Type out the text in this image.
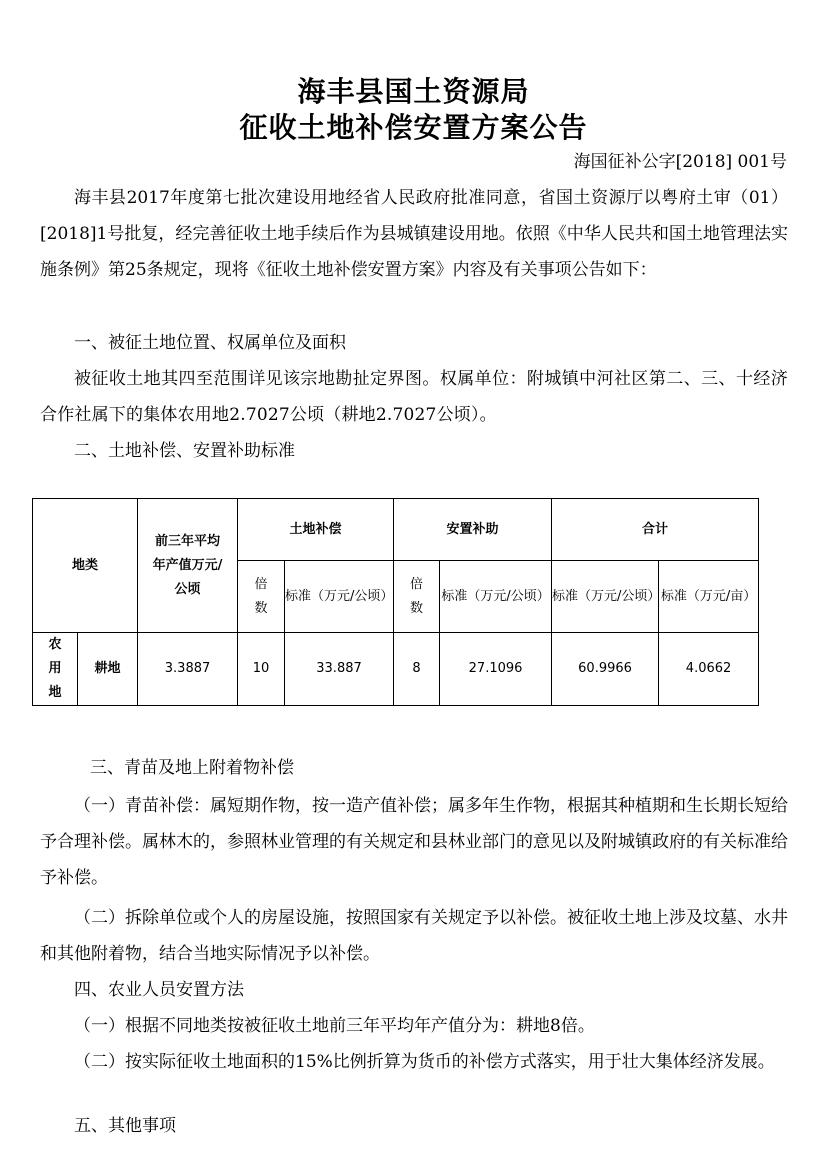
海丰县国土资源局
征收土地补偿安置方案公告
海国征补公字[2018] 001号
海丰县2017年度第七批次建设用地经省人民政府批准同意，省国土资源厅以粤府土审（01）[2018]1号批复，经完善征收土地手续后作为县城镇建设用地。依照《中华人民共和国土地管理法实施条例》第25条规定，现将《征收土地补偿安置方案》内容及有关事项公告如下：
一、被征土地位置、权属单位及面积
被征收土地其四至范围详见该宗地勘扯定界图。权属单位：附城镇中河社区第二、三、十经济合作社属下的集体农用地2.7027公顷（耕地2.7027公顷）。
二、土地补偿、安置补助标准
地类		前三年平均年产值万元/公顷	土地补偿		安置补助		合计	
			倍数	标准（万元/公顷）	倍数	标准（万元/公顷）	标准（万元/公顷）	标准（万元/亩）
农用地	耕地	3.3887	10	33.887	8	27.1096	60.9966	4.0662
三、青苗及地上附着物补偿
（一）青苗补偿：属短期作物，按一造产值补偿；属多年生作物，根据其种植期和生长期长短给予合理补偿。属林木的，参照林业管理的有关规定和县林业部门的意见以及附城镇政府的有关标准给予补偿。
（二）拆除单位或个人的房屋设施，按照国家有关规定予以补偿。被征收土地上涉及坟墓、水井和其他附着物，结合当地实际情况予以补偿。
四、农业人员安置方法
（一）根据不同地类按被征收土地前三年平均年产值分为：耕地8倍。
（二）按实际征收土地面积的15%比例折算为货币的补偿方式落实，用于壮大集体经济发展。
五、其他事项
